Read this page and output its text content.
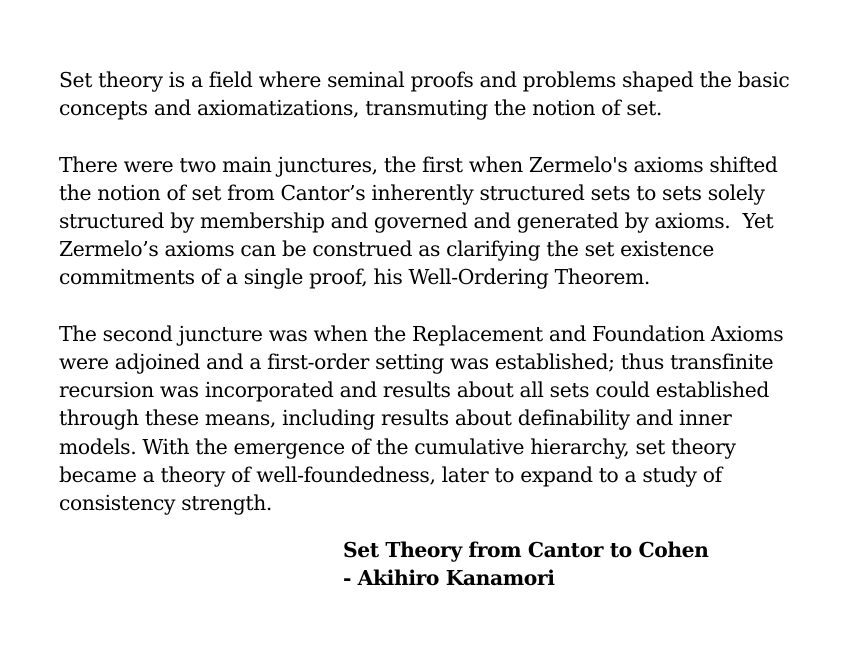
Set theory is a field where seminal proofs and problems shaped the basic
concepts and axiomatizations, transmuting the notion of set.

There were two main junctures, the first when Zermelo's axioms shifted
the notion of set from Cantor’s inherently structured sets to sets solely
structured by membership and governed and generated by axioms.  Yet
Zermelo’s axioms can be construed as clarifying the set existence
commitments of a single proof, his Well-Ordering Theorem.

The second juncture was when the Replacement and Foundation Axioms
were adjoined and a first-order setting was established; thus transfinite
recursion was incorporated and results about all sets could established
through these means, including results about definability and inner
models. With the emergence of the cumulative hierarchy, set theory
became a theory of well-foundedness, later to expand to a study of
consistency strength.

Set Theory from Cantor to Cohen
- Akihiro Kanamori
